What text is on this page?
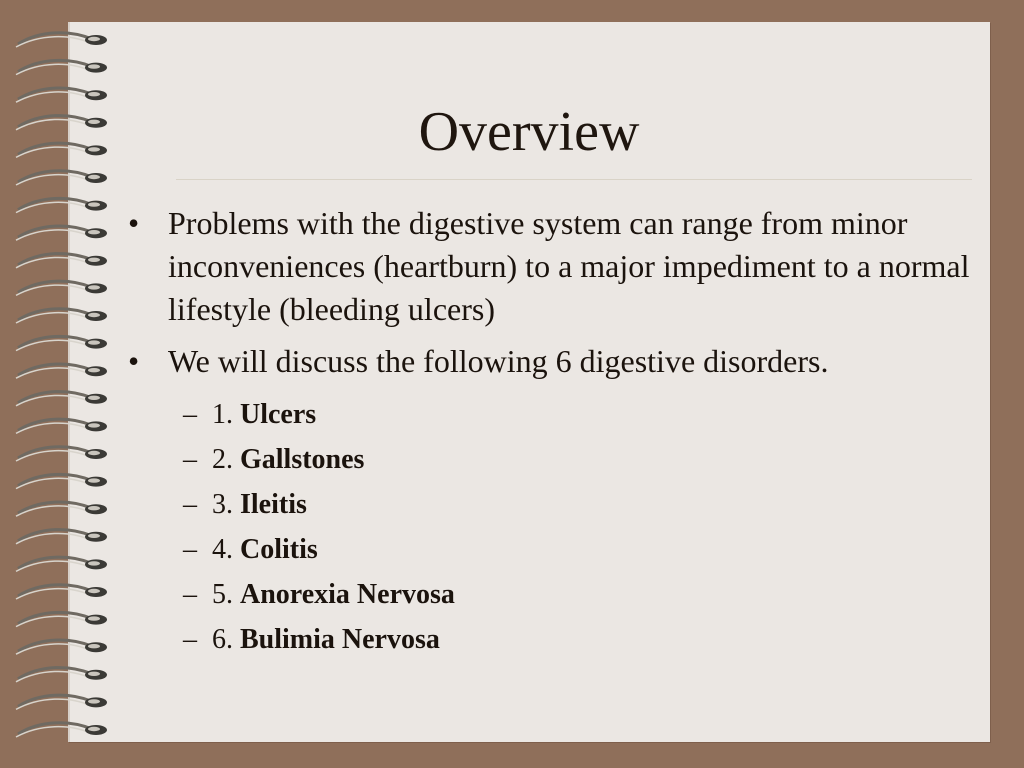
Overview
• Problems with the digestive system can range from minor inconveniences (heartburn) to a major impediment to a normal lifestyle (bleeding ulcers)
• We will discuss the following 6 digestive disorders.
– 1. Ulcers
– 2. Gallstones
– 3. Ileitis
– 4. Colitis
– 5. Anorexia Nervosa
– 6. Bulimia Nervosa
